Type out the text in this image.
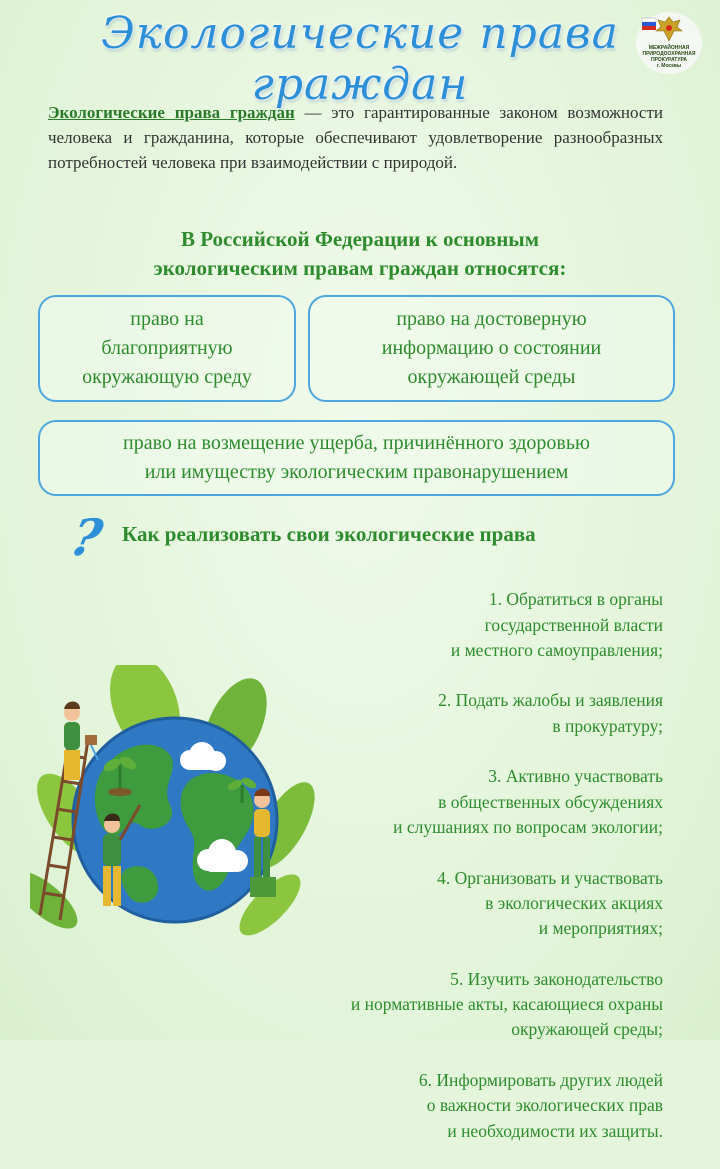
Экологические права граждан
МЕЖРАЙОННАЯ
ПРИРОДООХРАННАЯ
ПРОКУРАТУРА
г. Москвы
Экологические права граждан — это гарантированные законом возможности человека и гражданина, которые обеспечивают удовлетворение разнообразных потребностей человека при взаимодействии с природой.
В Российской Федерации к основным
экологическим правам граждан относятся:
право на
благоприятную
окружающую среду
право на достоверную
информацию о состоянии
окружающей среды
право на возмещение ущерба, причинённого здоровью
или имуществу экологическим правонарушением
? Как реализовать свои экологические права

1. Обратиться в органы
государственной власти
и местного самоуправления;

2. Подать жалобы и заявления
в прокуратуру;

3. Активно участвовать
в общественных обсуждениях
и слушаниях по вопросам экологии;

4. Организовать и участвовать
в экологических акциях
и мероприятиях;

5. Изучить законодательство
и нормативные акты, касающиеся охраны
окружающей среды;

6. Информировать других людей
о важности экологических прав
и необходимости их защиты.
